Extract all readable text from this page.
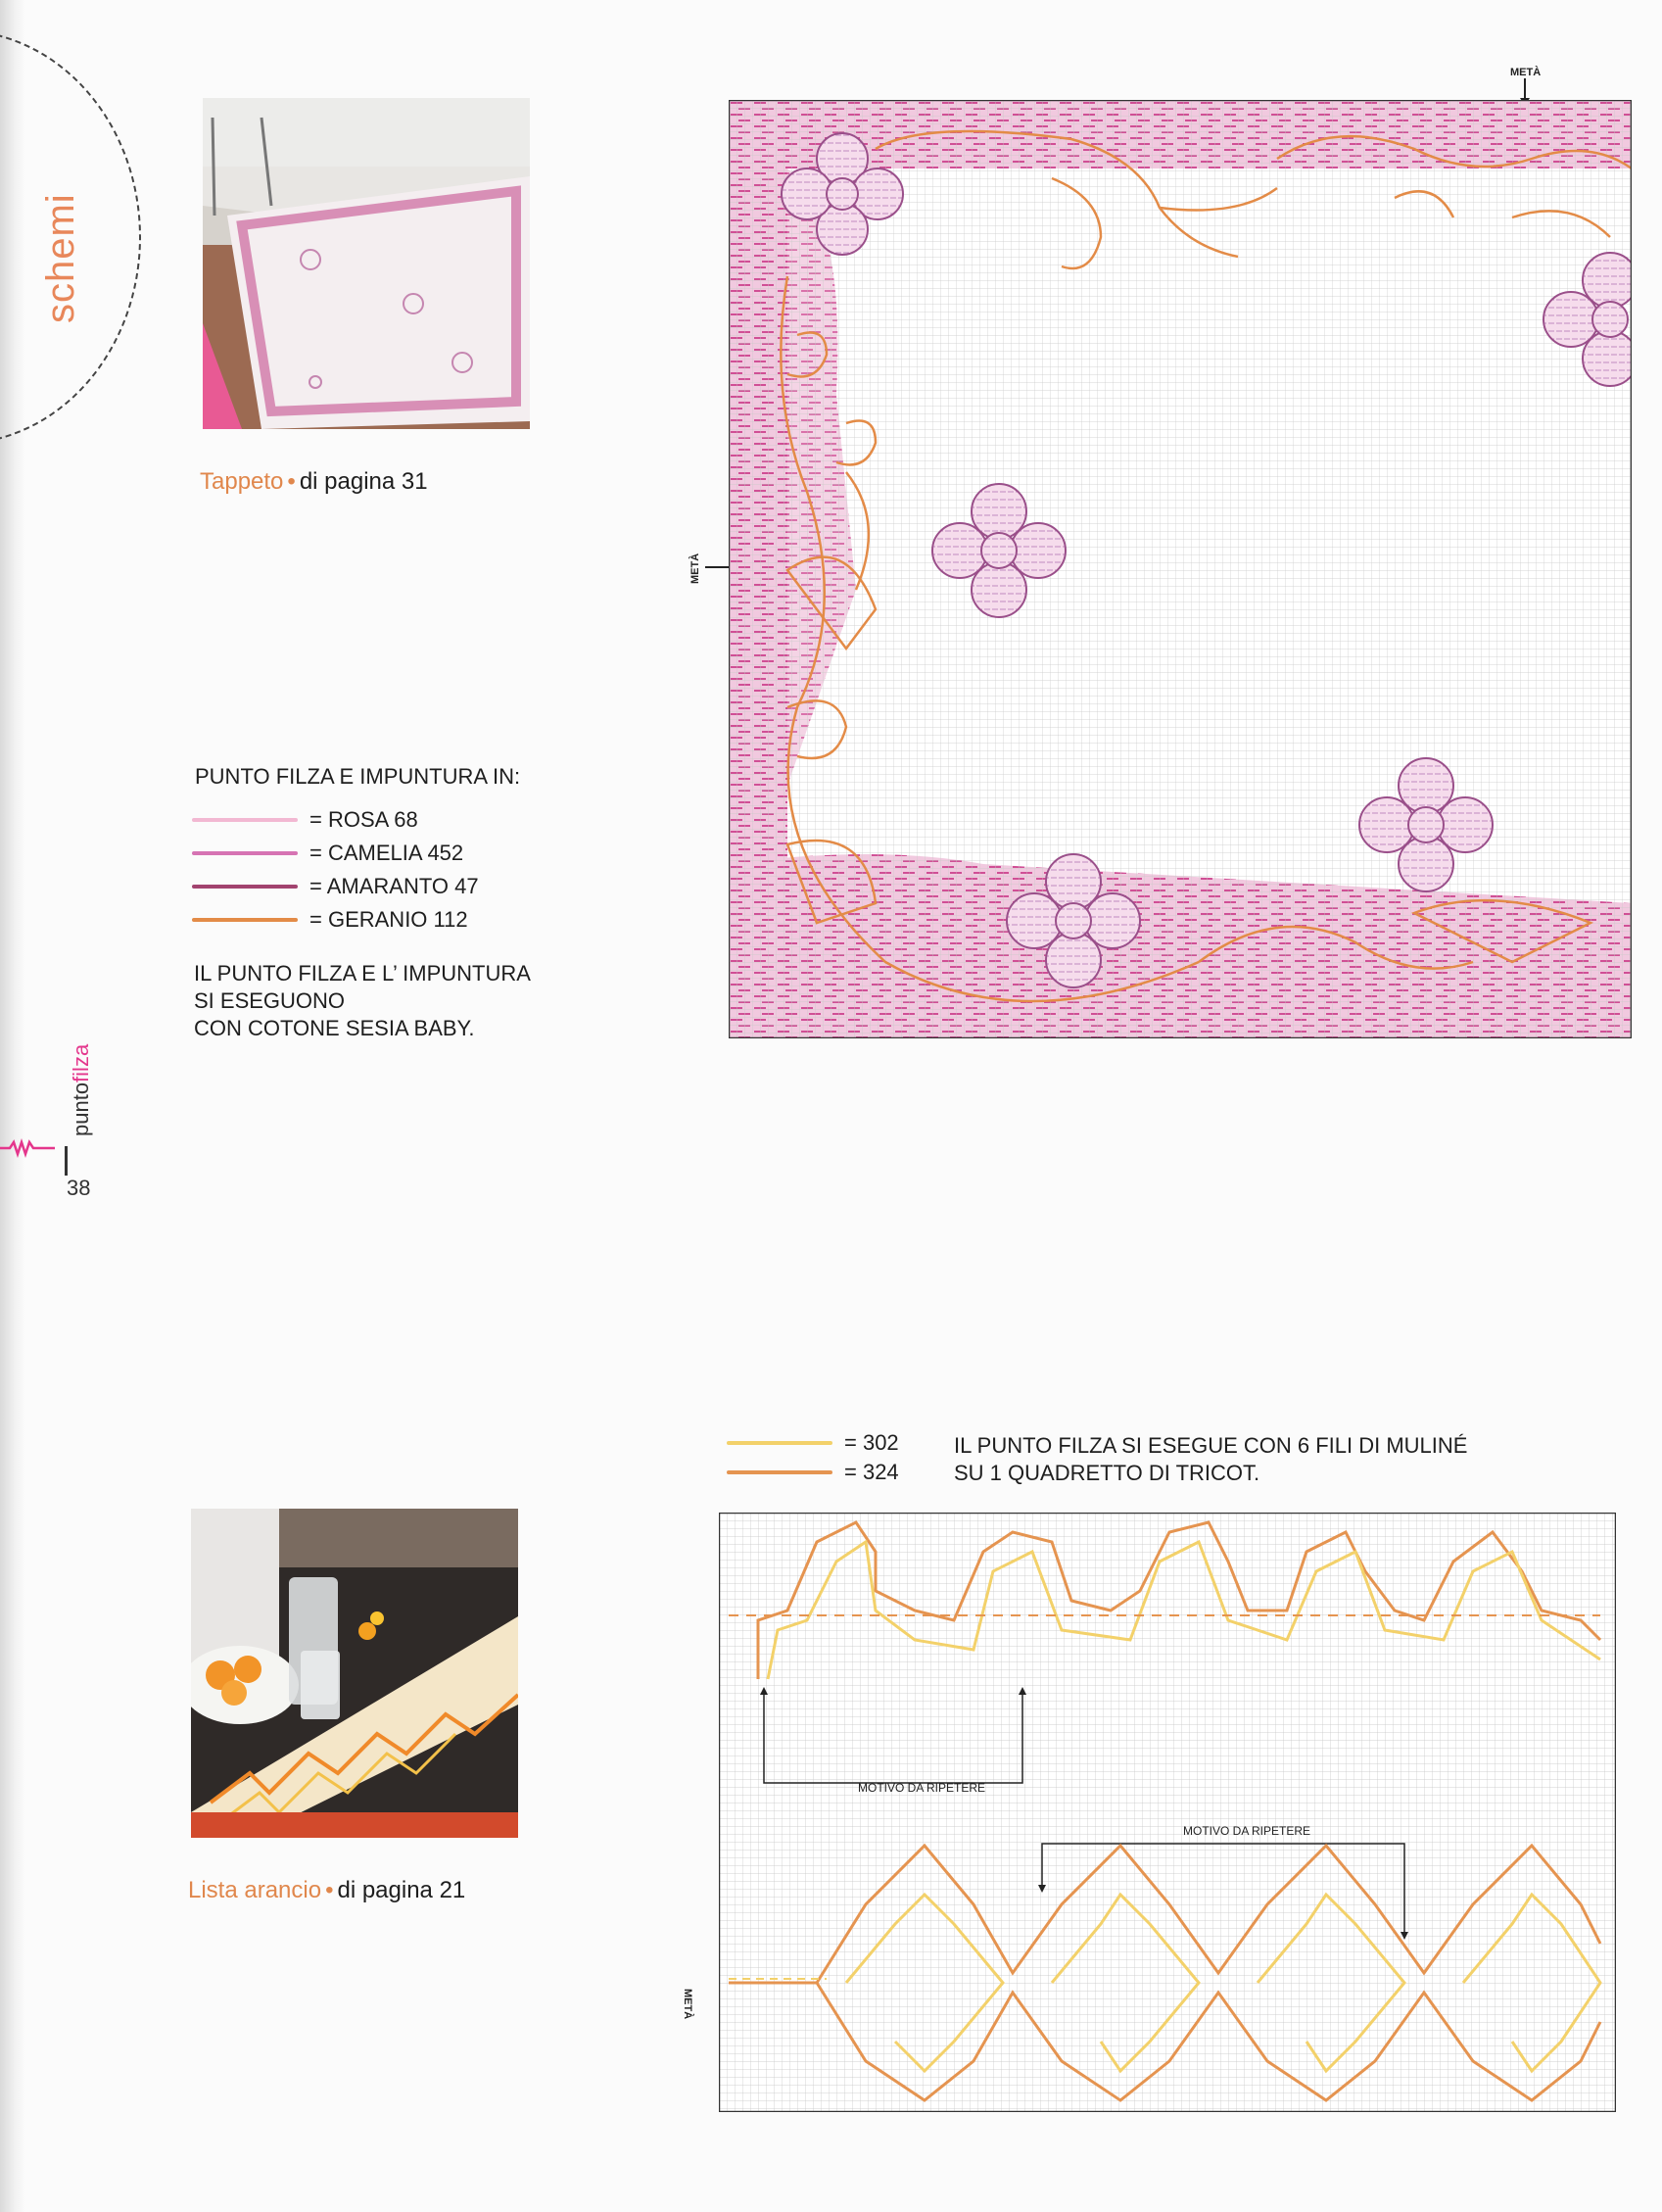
schemi
puntofilza
38
Tappeto • di pagina 31
PUNTO FILZA E IMPUNTURA IN:
= ROSA 68
= CAMELIA 452
= AMARANTO 47
= GERANIO 112
IL PUNTO FILZA E L’ IMPUNTURA
SI ESEGUONO
CON COTONE SESIA BABY.
METÀ
METÀ
Lista arancio • di pagina 21
= 302
= 324
IL PUNTO FILZA SI ESEGUE CON 6 FILI DI MULINÉ
SU 1 QUADRETTO DI TRICOT.
METÀ
MOTIVO DA RIPETERE
MOTIVO DA RIPETERE
